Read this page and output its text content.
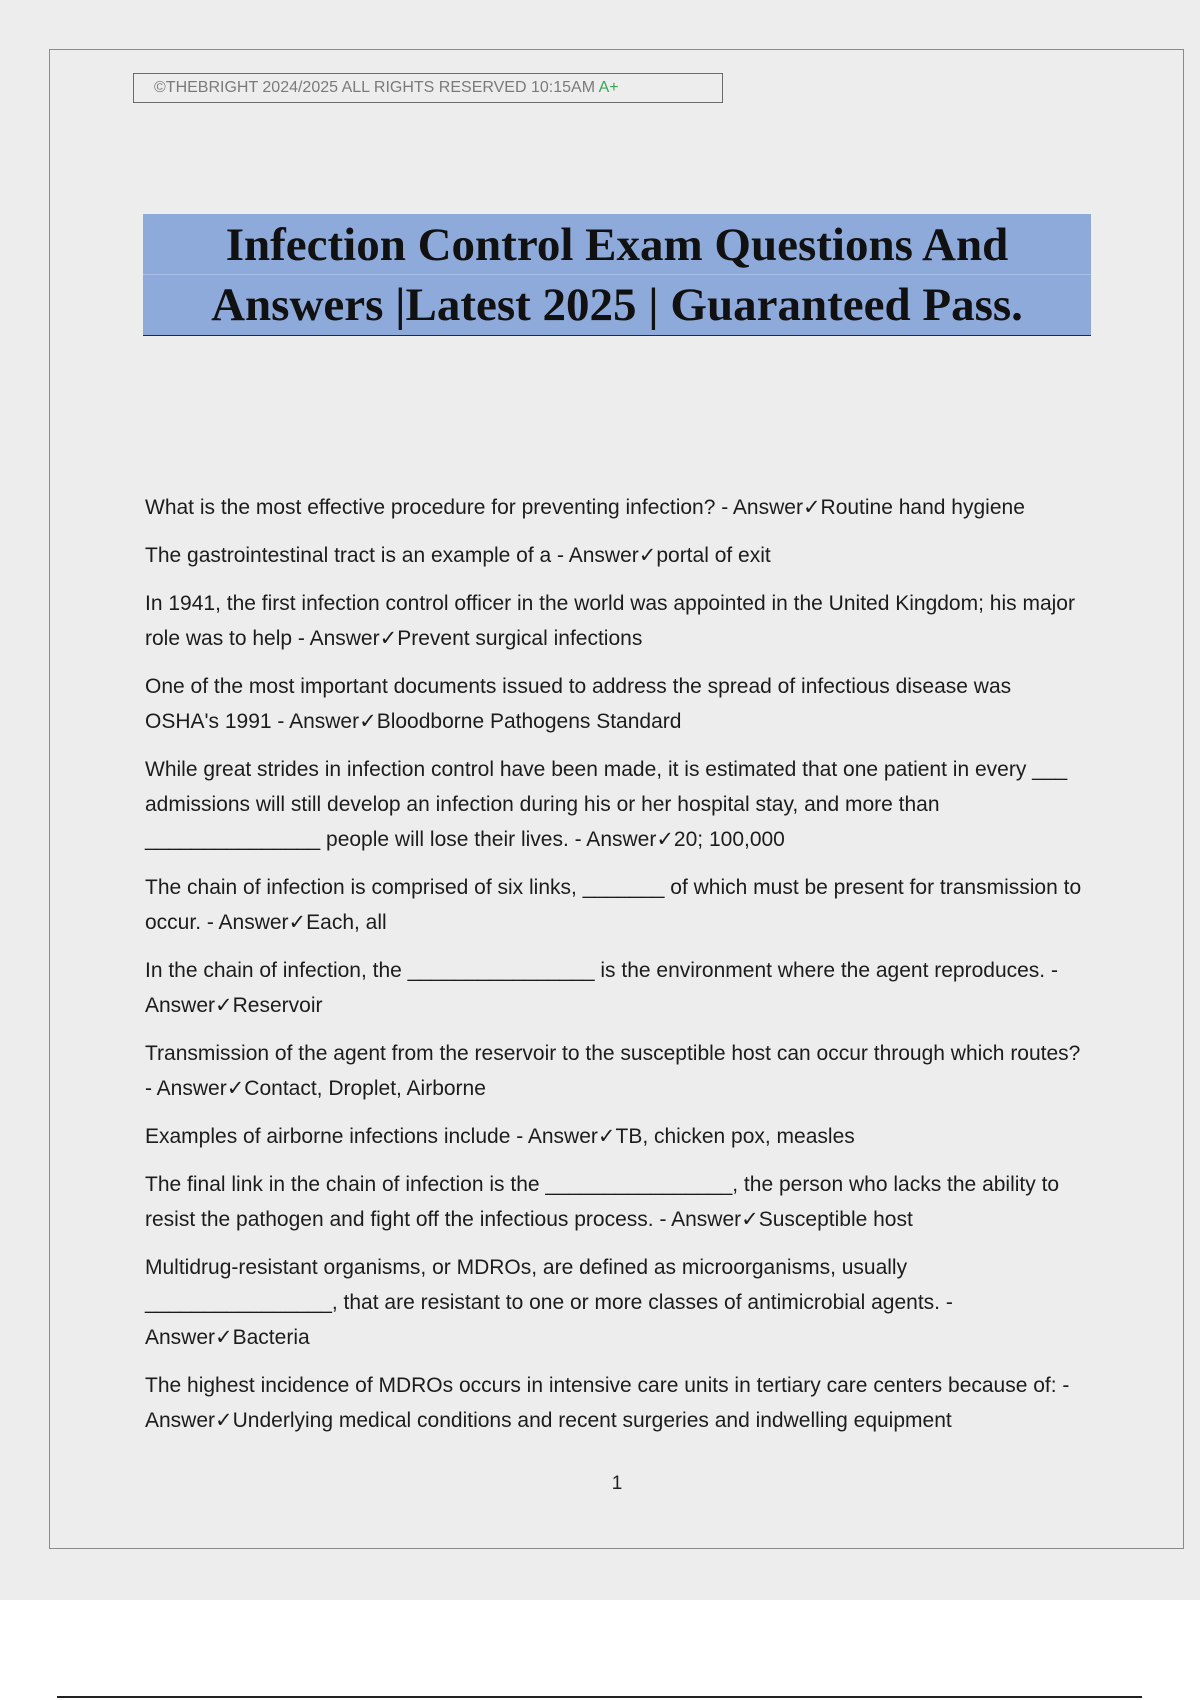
©THEBRIGHT 2024/2025 ALL RIGHTS RESERVED 10:15AM A+
Infection Control Exam Questions And
Answers |Latest 2025 | Guaranteed Pass.
What is the most effective procedure for preventing infection? - Answer✓Routine hand hygiene
The gastrointestinal tract is an example of a - Answer✓portal of exit
In 1941, the first infection control officer in the world was appointed in the United Kingdom; his major role was to help - Answer✓Prevent surgical infections
One of the most important documents issued to address the spread of infectious disease was OSHA's 1991 - Answer✓Bloodborne Pathogens Standard
While great strides in infection control have been made, it is estimated that one patient in every ___ admissions will still develop an infection during his or her hospital stay, and more than _______________ people will lose their lives. - Answer✓20; 100,000
The chain of infection is comprised of six links, _______ of which must be present for transmission to occur. - Answer✓Each, all
In the chain of infection, the ________________ is the environment where the agent reproduces. - Answer✓Reservoir
Transmission of the agent from the reservoir to the susceptible host can occur through which routes? - Answer✓Contact, Droplet, Airborne
Examples of airborne infections include - Answer✓TB, chicken pox, measles
The final link in the chain of infection is the ________________, the person who lacks the ability to resist the pathogen and fight off the infectious process. - Answer✓Susceptible host
Multidrug-resistant organisms, or MDROs, are defined as microorganisms, usually ________________, that are resistant to one or more classes of antimicrobial agents. - Answer✓Bacteria
The highest incidence of MDROs occurs in intensive care units in tertiary care centers because of: - Answer✓Underlying medical conditions and recent surgeries and indwelling equipment
1
